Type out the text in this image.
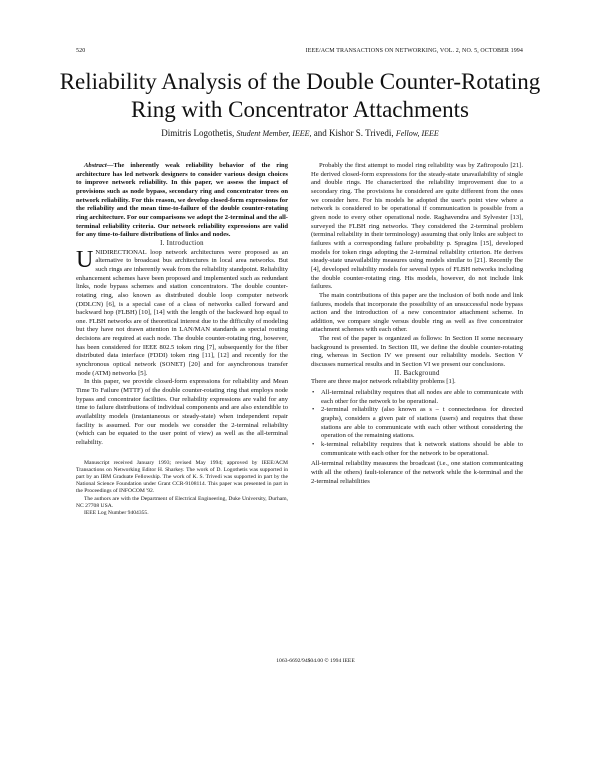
520	IEEE/ACM TRANSACTIONS ON NETWORKING, VOL. 2, NO. 5, OCTOBER 1994
Reliability Analysis of the Double Counter-Rotating
Ring with Concentrator Attachments
Dimitris Logothetis, Student Member, IEEE, and Kishor S. Trivedi, Fellow, IEEE

Abstract—The inherently weak reliability behavior of the ring architecture has led network designers to consider various design choices to improve network reliability. In this paper, we assess the impact of provisions such as node bypass, secondary ring and concentrator trees on network reliability. For this reason, we develop closed-form expressions for the reliability and the mean time-to-failure of the double counter-rotating ring architecture. For our comparisons we adopt the 2-terminal and the all-terminal reliability criteria. Our network reliability expressions are valid for any time-to-failure distributions of links and nodes.

I. Introduction

UNIDIRECTIONAL loop network architectures were proposed as an alternative to broadcast bus architectures in local area networks. But such rings are inherently weak from the reliability standpoint. Reliability enhancement schemes have been proposed and implemented such as redundant links, node bypass schemes and station concentrators. The double counter-rotating ring, also known as distributed double loop computer network (DDLCN) [6], is a special case of a class of networks called forward and backward hop (FLBH) [10], [14] with the length of the backward hop equal to one. FLBH networks are of theoretical interest due to the difficulty of modeling but they have not drawn attention in LAN/MAN standards as special routing decisions are required at each node. The double counter-rotating ring, however, has been considered for IEEE 802.5 token ring [7], subsequently for the fiber distributed data interface (FDDI) token ring [11], [12] and recently for the synchronous optical network (SONET) [20] and for asynchronous transfer mode (ATM) networks [5].

In this paper, we provide closed-form expressions for reliability and Mean Time To Failure (MTTF) of the double counter-rotating ring that employs node bypass and concentrator facilities. Our reliability expressions are valid for any time to failure distributions of individual components and are also extendible to availability models (instantaneous or steady-state) when independent repair facility is assumed. For our models we consider the 2-terminal reliability (which can be equated to the user point of view) as well as the all-terminal reliability.

Manuscript received January 1993; revised May 1994; approved by IEEE/ACM Transactions on Networking Editor H. Sharkey. The work of D. Logothetis was supported in part by an IBM Graduate Fellowship. The work of K. S. Trivedi was supported in part by the National Science Foundation under Grant CCR-9108114. This paper was presented in part in the Proceedings of INFOCOM '92.

The authors are with the Department of Electrical Engineering, Duke University, Durham, NC 27708 USA.

IEEE Log Number 9404355.

Probably the first attempt to model ring reliability was by Zafiropoulo [21]. He derived closed-form expressions for the steady-state unavailability of single and double rings. He characterized the reliability improvement due to a secondary ring. The provisions he considered are quite different from the ones we consider here. For his models he adopted the user's point view where a network is considered to be operational if communication is possible from a given node to every other operational node. Raghavendra and Sylvester [13], surveyed the FLBH ring networks. They considered the 2-terminal problem (terminal reliability in their terminology) assuming that only links are subject to failures with a corresponding failure probability p. Spragins [15], developed models for token rings adopting the 2-terminal reliability criterion. He derives steady-state unavailability measures using models similar to [21]. Recently Ibe [4], developed reliability models for several types of FLBH networks including the double counter-rotating ring. His models, however, do not include link failures.

The main contributions of this paper are the inclusion of both node and link failures, models that incorporate the possibility of an unsuccessful node bypass action and the introduction of a new concentrator attachment scheme. In addition, we compare single versus double ring as well as five concentrator attachment schemes with each other.

The rest of the paper is organized as follows: In Section II some necessary background is presented. In Section III, we define the double counter-rotating ring, whereas in Section IV we present our reliability models. Section V discusses numerical results and in Section VI we present our conclusions.

II. Background

There are three major network reliability problems [1].

• All-terminal reliability requires that all nodes are able to communicate with each other for the network to be operational.
• 2-terminal reliability (also known as s – t connectedness for directed graphs), considers a given pair of stations (users) and requires that these stations are able to communicate with each other without considering the operation of the remaining stations.
• k-terminal reliability requires that k network stations should be able to communicate with each other for the network to be operational.

All-terminal reliability measures the broadcast (i.e., one station communicating with all the others) fault-tolerance of the network while the k-terminal and the 2-terminal reliabilities

1063-6692/94$04.00 © 1994 IEEE
